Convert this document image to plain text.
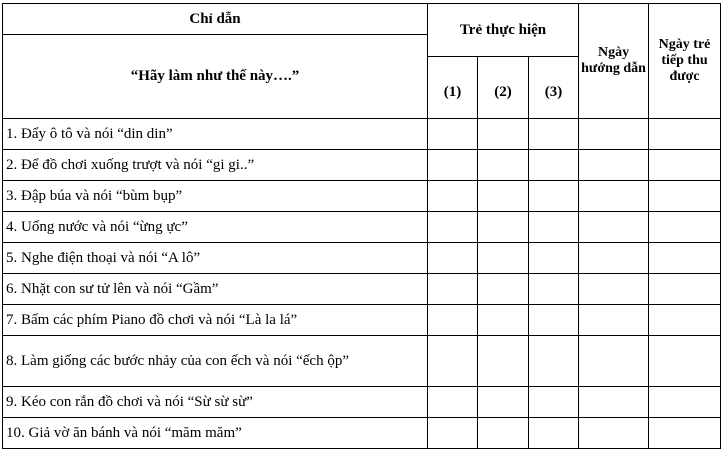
Chỉ dẫn	Trẻ thực hiện			Ngày hướng dẫn	Ngày trẻ tiếp thu được
“Hãy làm như thế này….”					
	(1)	(2)	(3)		
1. Đẩy ô tô và nói “din din”					
2. Để đồ chơi xuống trượt và nói “gi gi..”					
3. Đập búa và nói “bùm bụp”					
4. Uống nước và nói “ừng ực”					
5. Nghe điện thoại và nói “A lô”					
6. Nhặt con sư tử lên và nói “Gầm”					
7. Bấm các phím Piano đồ chơi và nói “Là la lá”					
8. Làm giống các bước nhảy của con ếch và nói “ếch ộp”					
9. Kéo con rắn đồ chơi và nói “Sừ sừ sừ”					
10. Giả vờ ăn bánh và nói “măm măm”					
